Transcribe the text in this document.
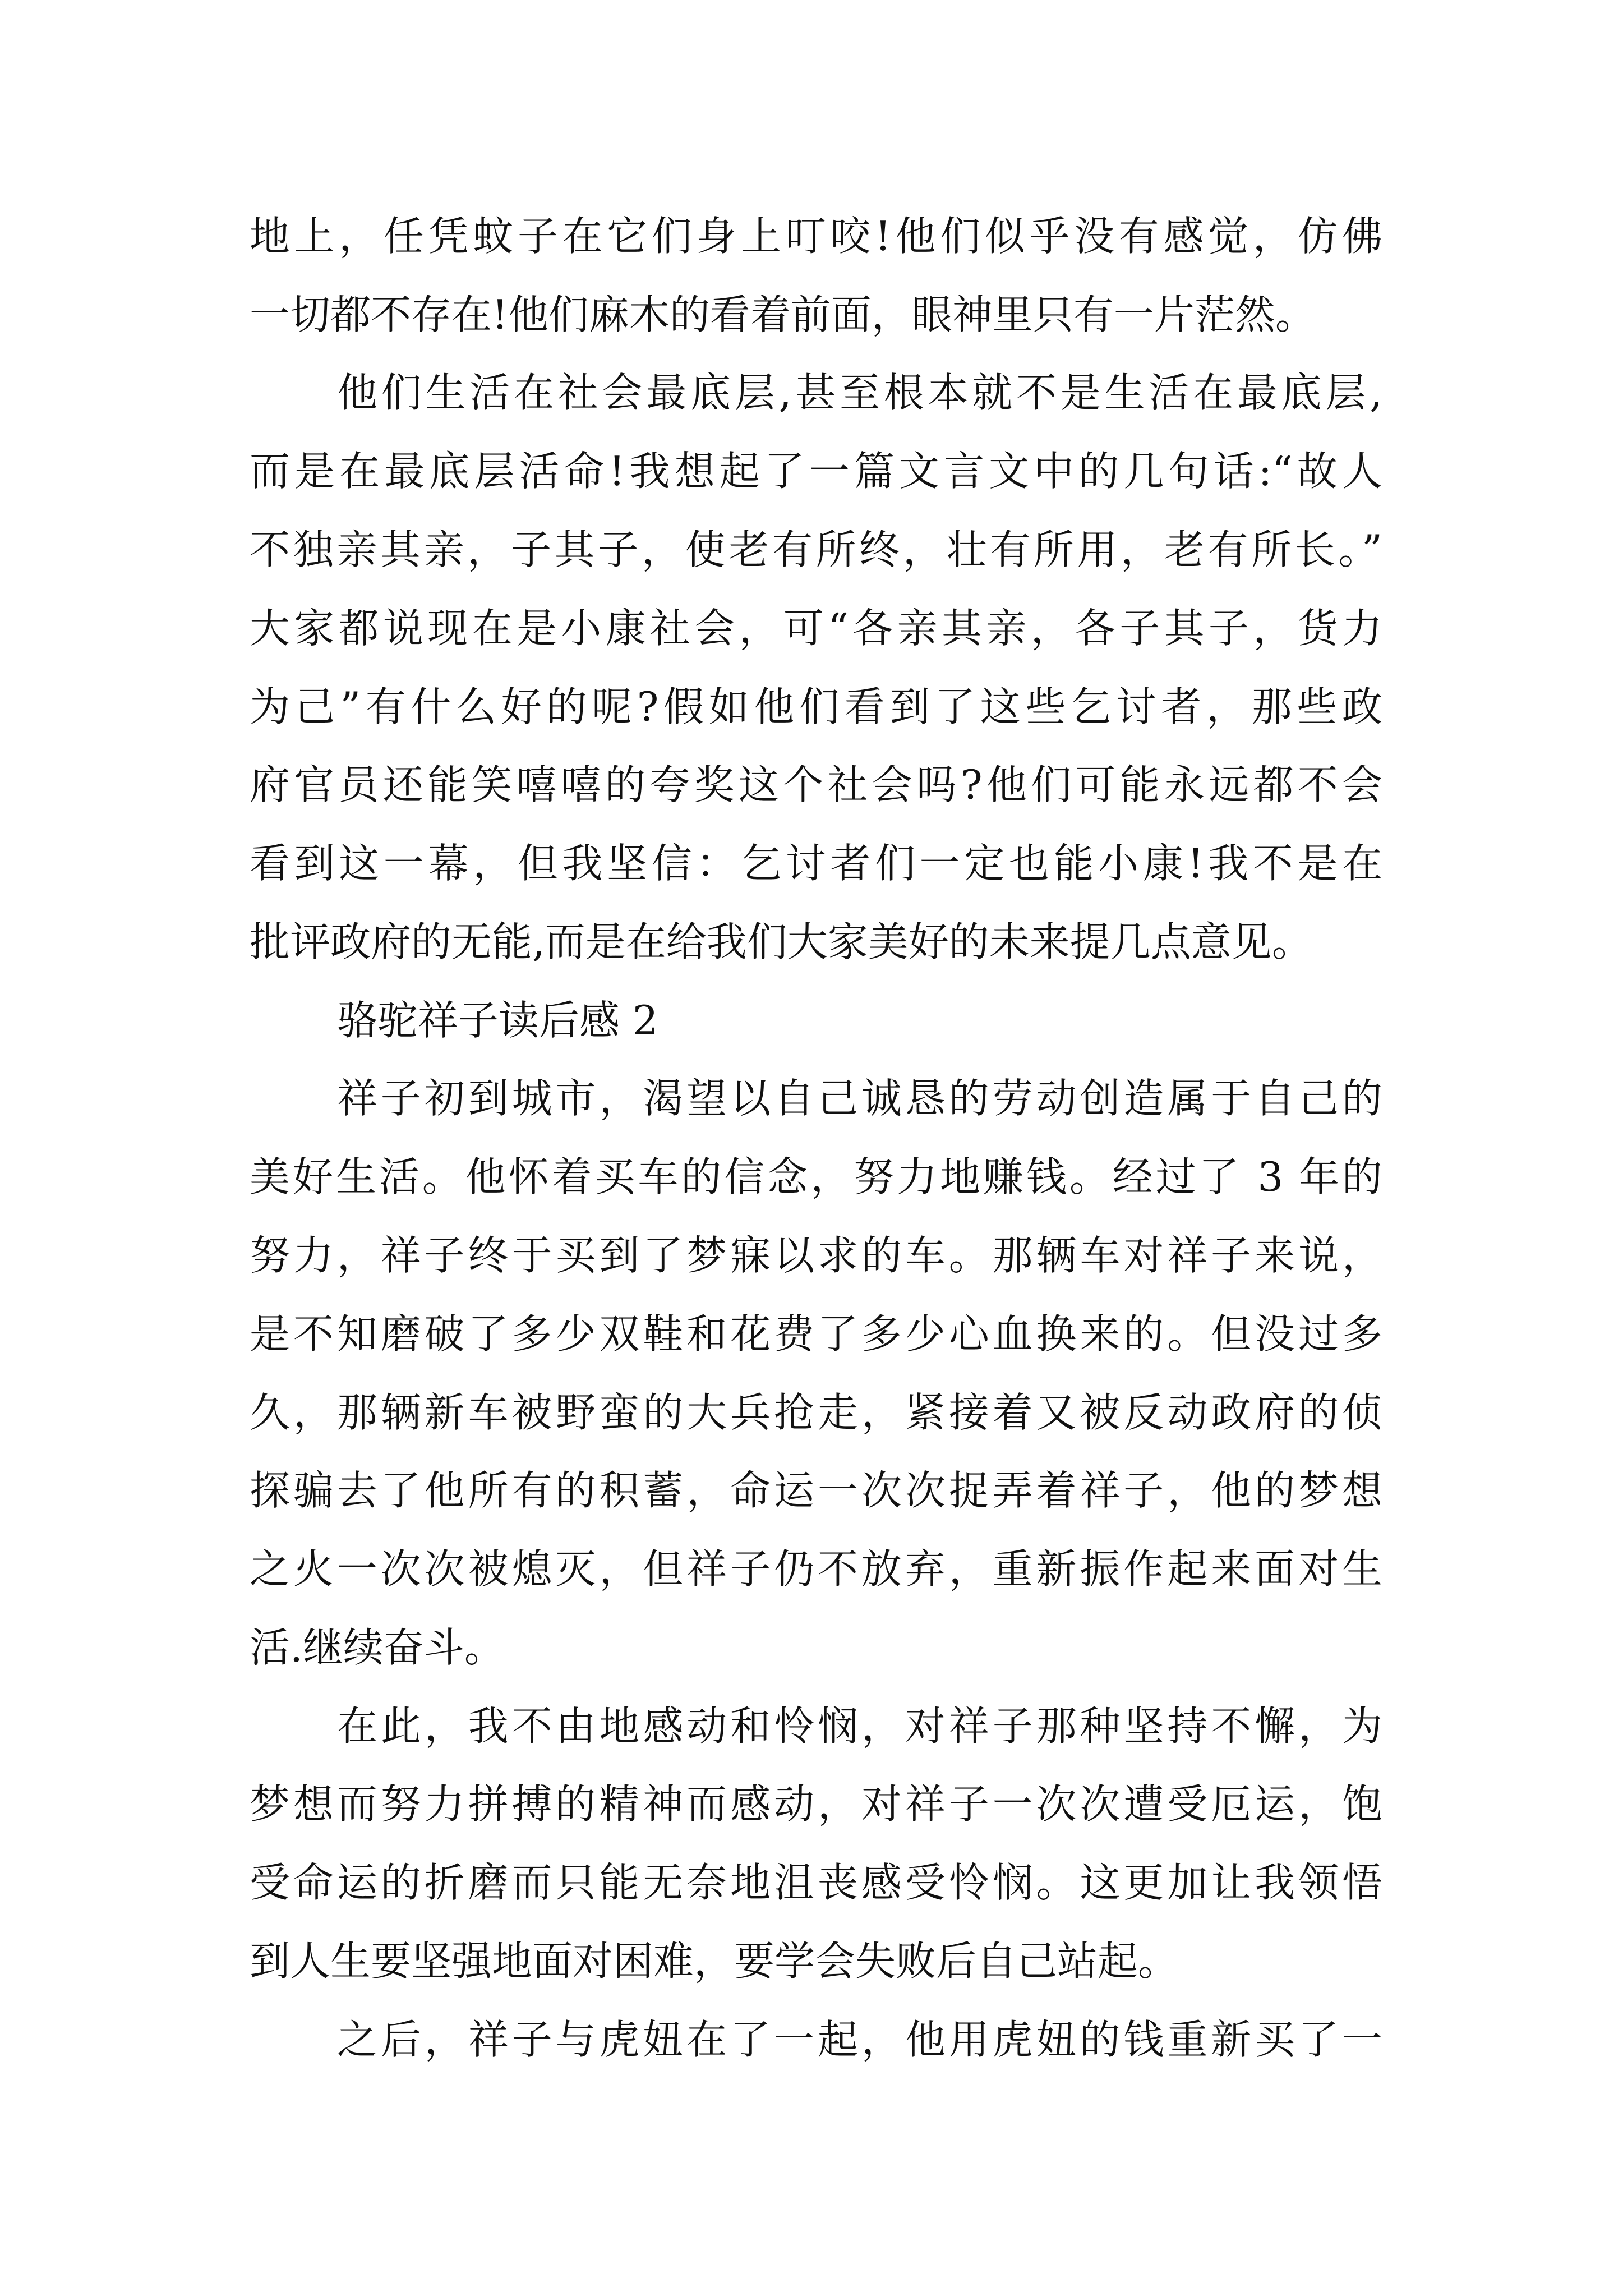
地上，任凭蚊子在它们身上叮咬!他们似乎没有感觉，仿佛
一切都不存在!他们麻木的看着前面，眼神里只有一片茫然。
他们生活在社会最底层,甚至根本就不是生活在最底层,
而是在最底层活命!我想起了一篇文言文中的几句话:“故人
不独亲其亲，子其子，使老有所终，壮有所用，老有所长。”
大家都说现在是小康社会，可“各亲其亲，各子其子，货力
为己”有什么好的呢?假如他们看到了这些乞讨者，那些政
府官员还能笑嘻嘻的夸奖这个社会吗?他们可能永远都不会
看到这一幕，但我坚信：乞讨者们一定也能小康!我不是在
批评政府的无能,而是在给我们大家美好的未来提几点意见。
骆驼祥子读后感 2
祥子初到城市，渴望以自己诚恳的劳动创造属于自己的
美好生活。他怀着买车的信念，努力地赚钱。经过了 3 年的
努力，祥子终于买到了梦寐以求的车。那辆车对祥子来说，
是不知磨破了多少双鞋和花费了多少心血换来的。但没过多
久，那辆新车被野蛮的大兵抢走，紧接着又被反动政府的侦
探骗去了他所有的积蓄，命运一次次捉弄着祥子，他的梦想
之火一次次被熄灭，但祥子仍不放弃，重新振作起来面对生
活.继续奋斗。
在此，我不由地感动和怜悯，对祥子那种坚持不懈，为
梦想而努力拼搏的精神而感动，对祥子一次次遭受厄运，饱
受命运的折磨而只能无奈地沮丧感受怜悯。这更加让我领悟
到人生要坚强地面对困难，要学会失败后自己站起。
之后，祥子与虎妞在了一起，他用虎妞的钱重新买了一
